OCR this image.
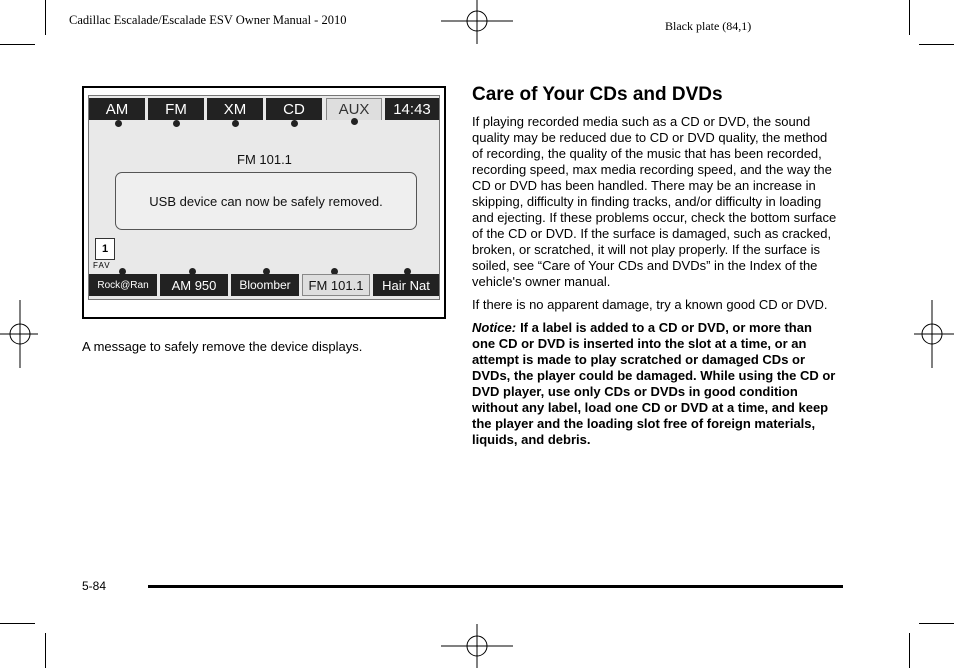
Cadillac Escalade/Escalade ESV Owner Manual - 2010	Black plate (84,1)
AM	FM	XM	CD	AUX	14:43
FM 101.1
USB device can now be safely removed.
1
FAV
Rock@Ran	AM 950	Bloomber	FM 101.1	Hair Nat
A message to safely remove the device displays.
Care of Your CDs and DVDs

If playing recorded media such as a CD or DVD, the sound quality may be reduced due to CD or DVD quality, the method of recording, the quality of the music that has been recorded, recording speed, max media recording speed, and the way the CD or DVD has been handled. There may be an increase in skipping, difficulty in finding tracks, and/or difficulty in loading and ejecting. If these problems occur, check the bottom surface of the CD or DVD. If the surface is damaged, such as cracked, broken, or scratched, it will not play properly. If the surface is soiled, see “Care of Your CDs and DVDs” in the Index of the vehicle's owner manual.

If there is no apparent damage, try a known good CD or DVD.

Notice: If a label is added to a CD or DVD, or more than one CD or DVD is inserted into the slot at a time, or an attempt is made to play scratched or damaged CDs or DVDs, the player could be damaged. While using the CD or DVD player, use only CDs or DVDs in good condition without any label, load one CD or DVD at a time, and keep the player and the loading slot free of foreign materials, liquids, and debris.

5-84
